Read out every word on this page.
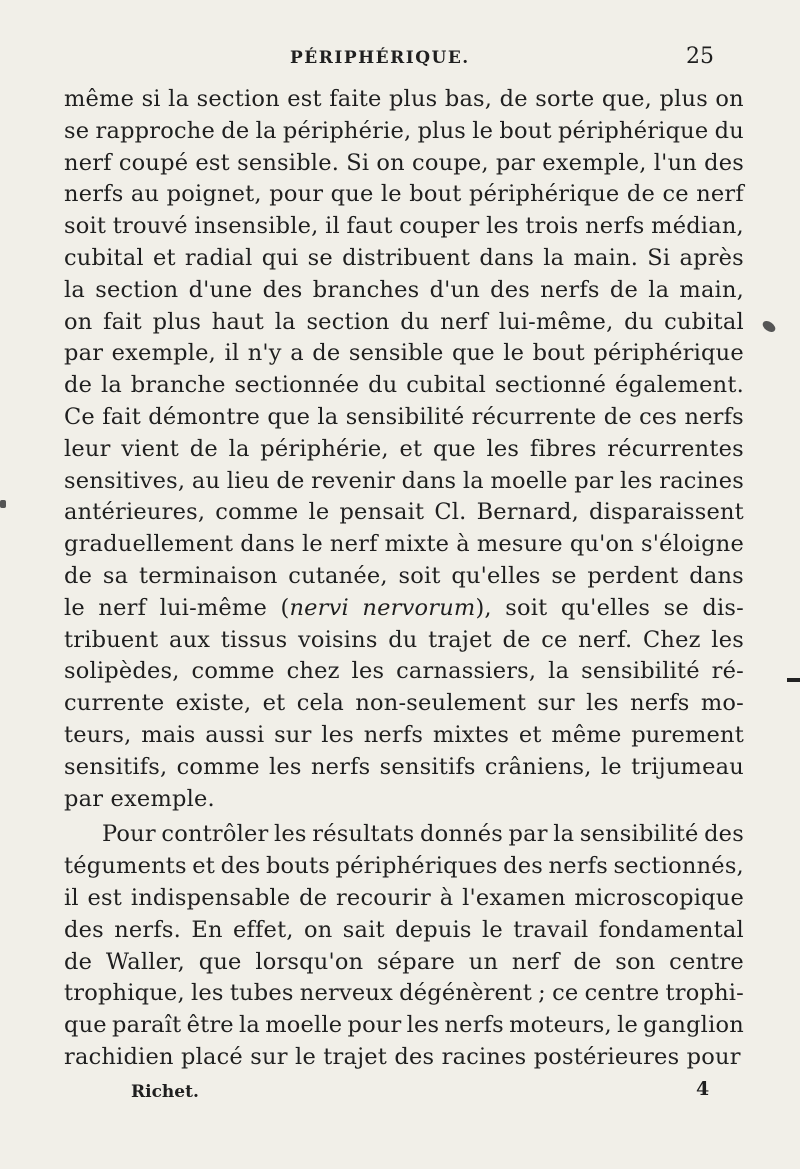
PÉRIPHÉRIQUE.	25
même si la section est faite plus bas, de sorte que, plus on
se rapproche de la périphérie, plus le bout périphérique du
nerf coupé est sensible. Si on coupe, par exemple, l'un des
nerfs au poignet, pour que le bout périphérique de ce nerf
soit trouvé insensible, il faut couper les trois nerfs médian,
cubital et radial qui se distribuent dans la main. Si après
la section d'une des branches d'un des nerfs de la main,
on fait plus haut la section du nerf lui-même, du cubital
par exemple, il n'y a de sensible que le bout périphérique
de la branche sectionnée du cubital sectionné également.
Ce fait démontre que la sensibilité récurrente de ces nerfs
leur vient de la périphérie, et que les fibres récurrentes
sensitives, au lieu de revenir dans la moelle par les racines
antérieures, comme le pensait Cl. Bernard, disparaissent
graduellement dans le nerf mixte à mesure qu'on s'éloigne
de sa terminaison cutanée, soit qu'elles se perdent dans
le nerf lui-même (nervi nervorum), soit qu'elles se dis-
tribuent aux tissus voisins du trajet de ce nerf. Chez les
solipèdes, comme chez les carnassiers, la sensibilité ré-
currente existe, et cela non-seulement sur les nerfs mo-
teurs, mais aussi sur les nerfs mixtes et même purement
sensitifs, comme les nerfs sensitifs crâniens, le trijumeau
par exemple.
Pour contrôler les résultats donnés par la sensibilité des
téguments et des bouts périphériques des nerfs sectionnés,
il est indispensable de recourir à l'examen microscopique
des nerfs. En effet, on sait depuis le travail fondamental
de Waller, que lorsqu'on sépare un nerf de son centre
trophique, les tubes nerveux dégénèrent ; ce centre trophi-
que paraît être la moelle pour les nerfs moteurs, le ganglion
rachidien placé sur le trajet des racines postérieures pour
Richet.	4
